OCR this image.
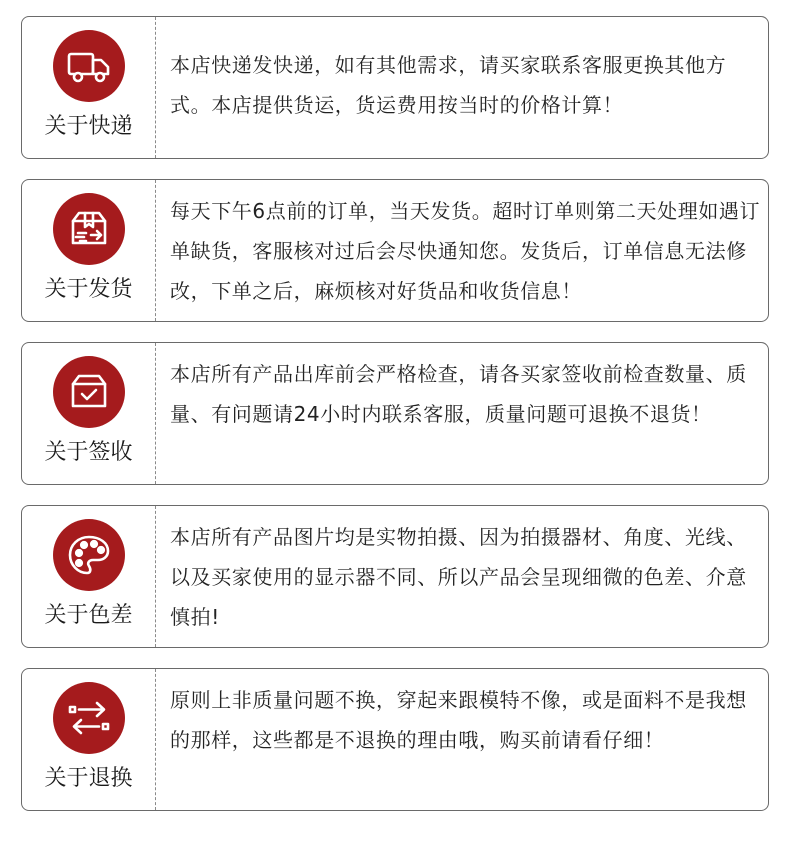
关于快递
本店快递发快递，如有其他需求，请买家联系客服更换其他方式。本店提供货运，货运费用按当时的价格计算！
关于发货
每天下午6点前的订单，当天发货。超时订单则第二天处理如遇订单缺货，客服核对过后会尽快通知您。发货后，订单信息无法修改，下单之后，麻烦核对好货品和收货信息！
关于签收
本店所有产品出库前会严格检查，请各买家签收前检查数量、质量、有问题请24小时内联系客服，质量问题可退换不退货！
关于色差
本店所有产品图片均是实物拍摄、因为拍摄器材、角度、光线、以及买家使用的显示器不同、所以产品会呈现细微的色差、介意慎拍!
关于退换
原则上非质量问题不换，穿起来跟模特不像，或是面料不是我想的那样，这些都是不退换的理由哦，购买前请看仔细！
